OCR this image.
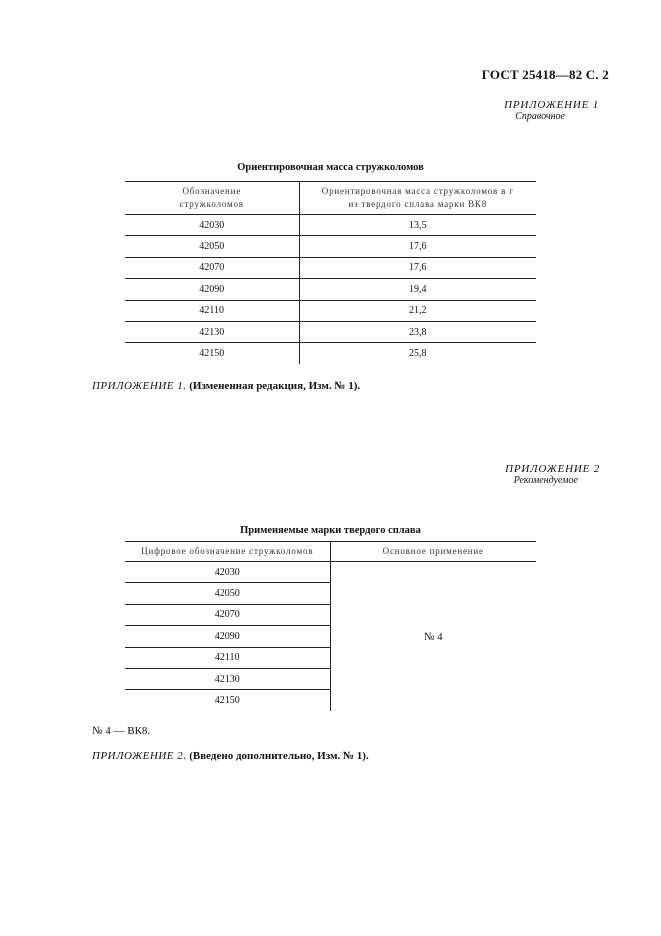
ГОСТ 25418—82 С. 2
ПРИЛОЖЕНИЕ 1
Справочное
Ориентировочная масса стружколомов
Обозначение стружколомов	Ориентировочная масса стружколомов в г из твердого сплава марки ВК8
42030	13,5
42050	17,6
42070	17,6
42090	19,4
42110	21,2
42130	23,8
42150	25,8
ПРИЛОЖЕНИЕ 1. (Измененная редакция, Изм. № 1).
ПРИЛОЖЕНИЕ 2
Рекомендуемое
Применяемые марки твердого сплава
Цифровое обозначение стружколомов	Основное применение
42030	№ 4
42050	
42070	
42090	
42110	
42130	
42150	
№ 4 — ВК8.
ПРИЛОЖЕНИЕ 2. (Введено дополнительно, Изм. № 1).
